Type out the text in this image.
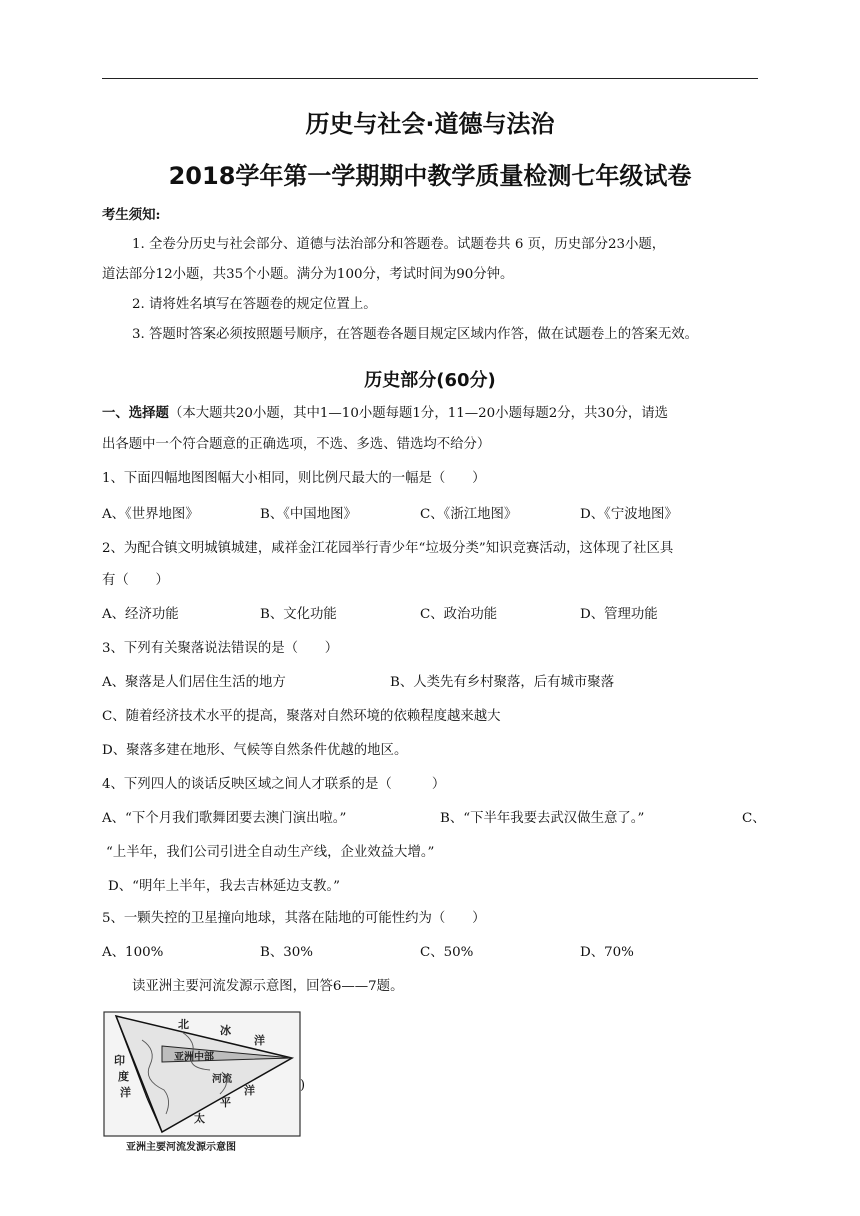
历史与社会·道德与法治
2018学年第一学期期中教学质量检测七年级试卷
考生须知:
1. 全卷分历史与社会部分、道德与法治部分和答题卷。试题卷共 6 页，历史部分23小题，
道法部分12小题，共35个小题。满分为100分，考试时间为90分钟。
2. 请将姓名填写在答题卷的规定位置上。
3. 答题时答案必须按照题号顺序，在答题卷各题目规定区域内作答，做在试题卷上的答案无效。
历史部分(60分)
一、选择题（本大题共20小题，其中1—10小题每题1分，11—20小题每题2分，共30分，请选
出各题中一个符合题意的正确选项，不选、多选、错选均不给分）
1、下面四幅地图图幅大小相同，则比例尺最大的一幅是（　　）
A、《世界地图》	B、《中国地图》	C、《浙江地图》	D、《宁波地图》
2、为配合镇文明城镇城建，咸祥金江花园举行青少年“垃圾分类”知识竞赛活动，这体现了社区具
有（　　）
A、经济功能	B、文化功能	C、政治功能	D、管理功能
3、下列有关聚落说法错误的是（　　）
A、聚落是人们居住生活的地方	B、人类先有乡村聚落，后有城市聚落
C、随着经济技术水平的提高，聚落对自然环境的依赖程度越来越大
D、聚落多建在地形、气候等自然条件优越的地区。
4、下列四人的谈话反映区域之间人才联系的是（　　　）
A、“下个月我们歌舞团要去澳门演出啦。”	B、“下半年我要去武汉做生意了。”	C、
“上半年，我们公司引进全自动生产线，企业效益大增。”
D、“明年上半年，我去吉林延边支教。”
5、一颗失控的卫星撞向地球，其落在陆地的可能性约为（　　）
A、100%	B、30%	C、50%	D、70%
读亚洲主要河流发源示意图，回答6——7题。
北	冰
洋
印
度
洋
亚洲中部
河流
洋
平
太
亚洲主要河流发源示意图
)
